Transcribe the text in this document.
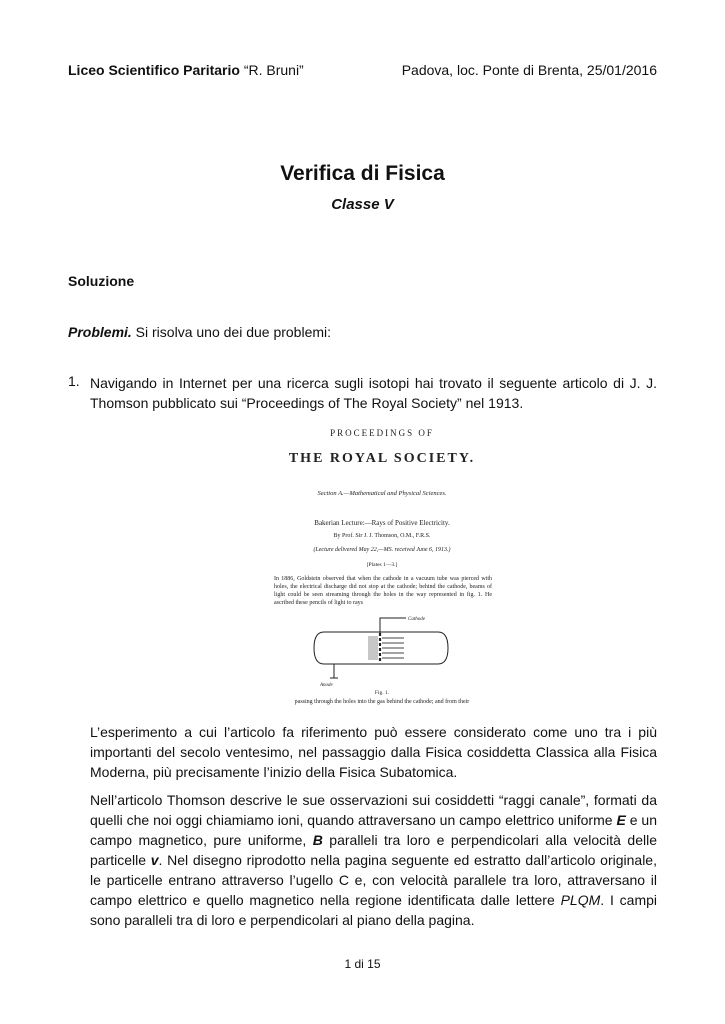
Liceo Scientifico Paritario “R. Bruni”	Padova, loc. Ponte di Brenta, 25/01/2016
Verifica di Fisica
Classe V
Soluzione
Problemi. Si risolva uno dei due problemi:
1. Navigando in Internet per una ricerca sugli isotopi hai trovato il seguente articolo di J. J. Thomson pubblicato sui “Proceedings of The Royal Society” nel 1913.
PROCEEDINGS OF
THE ROYAL SOCIETY.
Section A.—Mathematical and Physical Sciences.
Bakerian Lecture:—Rays of Positive Electricity.
By Prof. Sir J. J. Thomson, O.M., F.R.S.
(Lecture delivered May 22,—MS. received June 6, 1913.)
[Plates 1—3.]
In 1886, Goldstein observed that when the cathode in a vacuum tube was pierced with holes, the electrical discharge did not stop at the cathode; behind the cathode, beams of light could be seen streaming through the holes in the way represented in fig. 1. He ascribed these pencils of light to rays
Cathode
Anode
Fig. 1.
passing through the holes into the gas behind the cathode; and from their
L’esperimento a cui l’articolo fa riferimento può essere considerato come uno tra i più importanti del secolo ventesimo, nel passaggio dalla Fisica cosiddetta Classica alla Fisica Moderna, più precisamente l’inizio della Fisica Subatomica.
Nell’articolo Thomson descrive le sue osservazioni sui cosiddetti “raggi canale”, formati da quelli che noi oggi chiamiamo ioni, quando attraversano un campo elettrico uniforme E e un campo magnetico, pure uniforme, B paralleli tra loro e perpendicolari alla velocità delle particelle v. Nel disegno riprodotto nella pagina seguente ed estratto dall’articolo originale, le particelle entrano attraverso l’ugello C e, con velocità parallele tra loro, attraversano il campo elettrico e quello magnetico nella regione identificata dalle lettere PLQM. I campi sono paralleli tra di loro e perpendicolari al piano della pagina.
1 di 15
